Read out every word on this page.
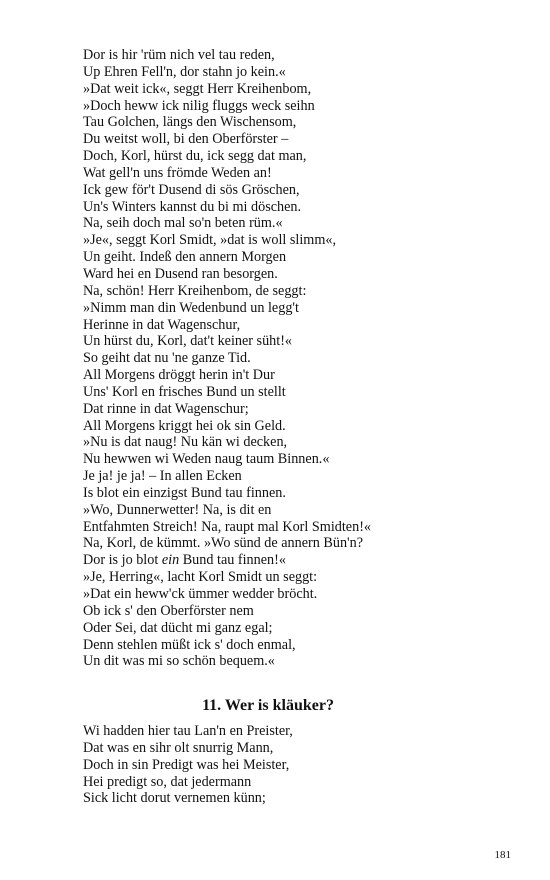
Dor is hir 'rüm nich vel tau reden,
Up Ehren Fell'n, dor stahn jo kein.«
»Dat weit ick«, seggt Herr Kreihenbom,
»Doch heww ick nilig fluggs weck seihn
Tau Golchen, längs den Wischensom,
Du weitst woll, bi den Oberförster –
Doch, Korl, hürst du, ick segg dat man,
Wat gell'n uns frömde Weden an!
Ick gew för't Dusend di sös Gröschen,
Un's Winters kannst du bi mi döschen.
Na, seih doch mal so'n beten rüm.«
»Je«, seggt Korl Smidt, »dat is woll slimm«,
Un geiht. Indeß den annern Morgen
Ward hei en Dusend ran besorgen.
Na, schön! Herr Kreihenbom, de seggt:
»Nimm man din Wedenbund un legg't
Herinne in dat Wagenschur,
Un hürst du, Korl, dat't keiner süht!«
So geiht dat nu 'ne ganze Tid.
All Morgens dröggt herin in't Dur
Uns' Korl en frisches Bund un stellt
Dat rinne in dat Wagenschur;
All Morgens kriggt hei ok sin Geld.
»Nu is dat naug! Nu kän wi decken,
Nu hewwen wi Weden naug taum Binnen.«
Je ja! je ja! – In allen Ecken
Is blot ein einzigst Bund tau finnen.
»Wo, Dunnerwetter! Na, is dit en
Entfahmten Streich! Na, raupt mal Korl Smidten!«
Na, Korl, de kümmt. »Wo sünd de annern Bün'n?
Dor is jo blot ein Bund tau finnen!«
»Je, Herring«, lacht Korl Smidt un seggt:
»Dat ein heww'ck ümmer wedder bröcht.
Ob ick s' den Oberförster nem
Oder Sei, dat dücht mi ganz egal;
Denn stehlen müßt ick s' doch enmal,
Un dit was mi so schön bequem.«
11. Wer is kläuker?
Wi hadden hier tau Lan'n en Preister,
Dat was en sihr olt snurrig Mann,
Doch in sin Predigt was hei Meister,
Hei predigt so, dat jedermann
Sick licht dorut vernemen künn;
181
